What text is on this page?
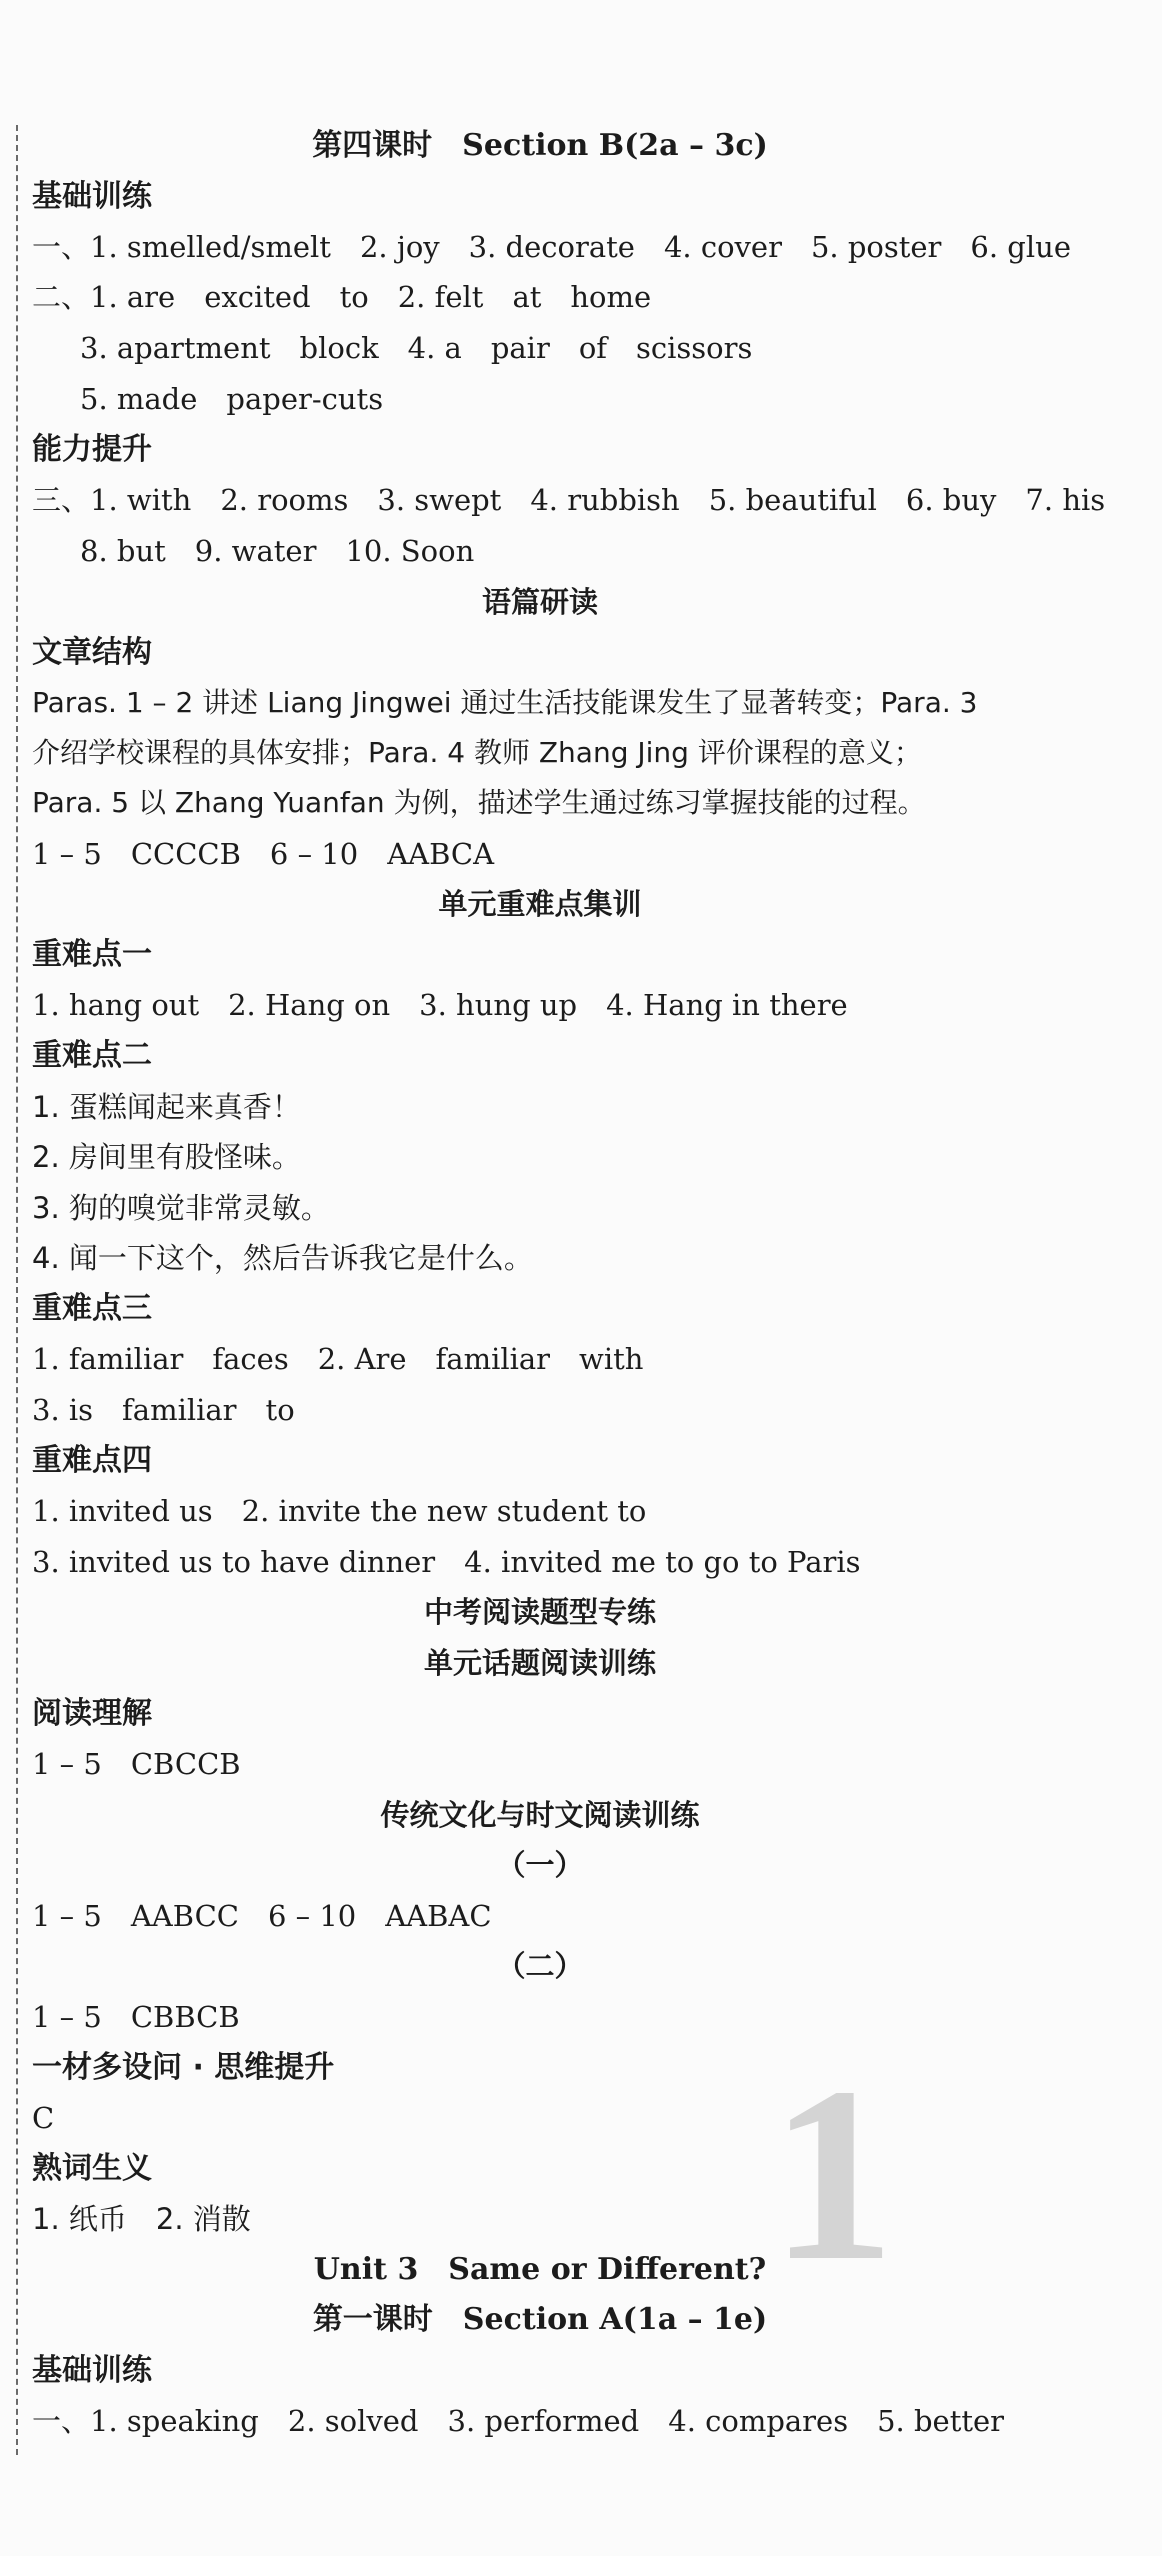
1
第四课时　Section B(2a – 3c)
基础训练
一、1. smelled/smelt　2. joy　3. decorate　4. cover　5. poster　6. glue
二、1. are　excited　to　2. felt　at　home
3. apartment　block　4. a　pair　of　scissors
5. made　paper-cuts
能力提升
三、1. with　2. rooms　3. swept　4. rubbish　5. beautiful　6. buy　7. his
8. but　9. water　10. Soon
语篇研读
文章结构
Paras. 1 – 2 讲述 Liang Jingwei 通过生活技能课发生了显著转变；Para. 3
介绍学校课程的具体安排；Para. 4 教师 Zhang Jing 评价课程的意义；
Para. 5 以 Zhang Yuanfan 为例，描述学生通过练习掌握技能的过程。
1 – 5　CCCCB　6 – 10　AABCA
单元重难点集训
重难点一
1. hang out　2. Hang on　3. hung up　4. Hang in there
重难点二
1. 蛋糕闻起来真香！
2. 房间里有股怪味。
3. 狗的嗅觉非常灵敏。
4. 闻一下这个，然后告诉我它是什么。
重难点三
1. familiar　faces　2. Are　familiar　with
3. is　familiar　to
重难点四
1. invited us　2. invite the new student to
3. invited us to have dinner　4. invited me to go to Paris
中考阅读题型专练
单元话题阅读训练
阅读理解
1 – 5　CBCCB
传统文化与时文阅读训练
（一）
1 – 5　AABCC　6 – 10　AABAC
（二）
1 – 5　CBBCB
一材多设问 · 思维提升
C
熟词生义
1. 纸币　2. 消散
Unit 3　Same or Different?
第一课时　Section A(1a – 1e)
基础训练
一、1. speaking　2. solved　3. performed　4. compares　5. better
